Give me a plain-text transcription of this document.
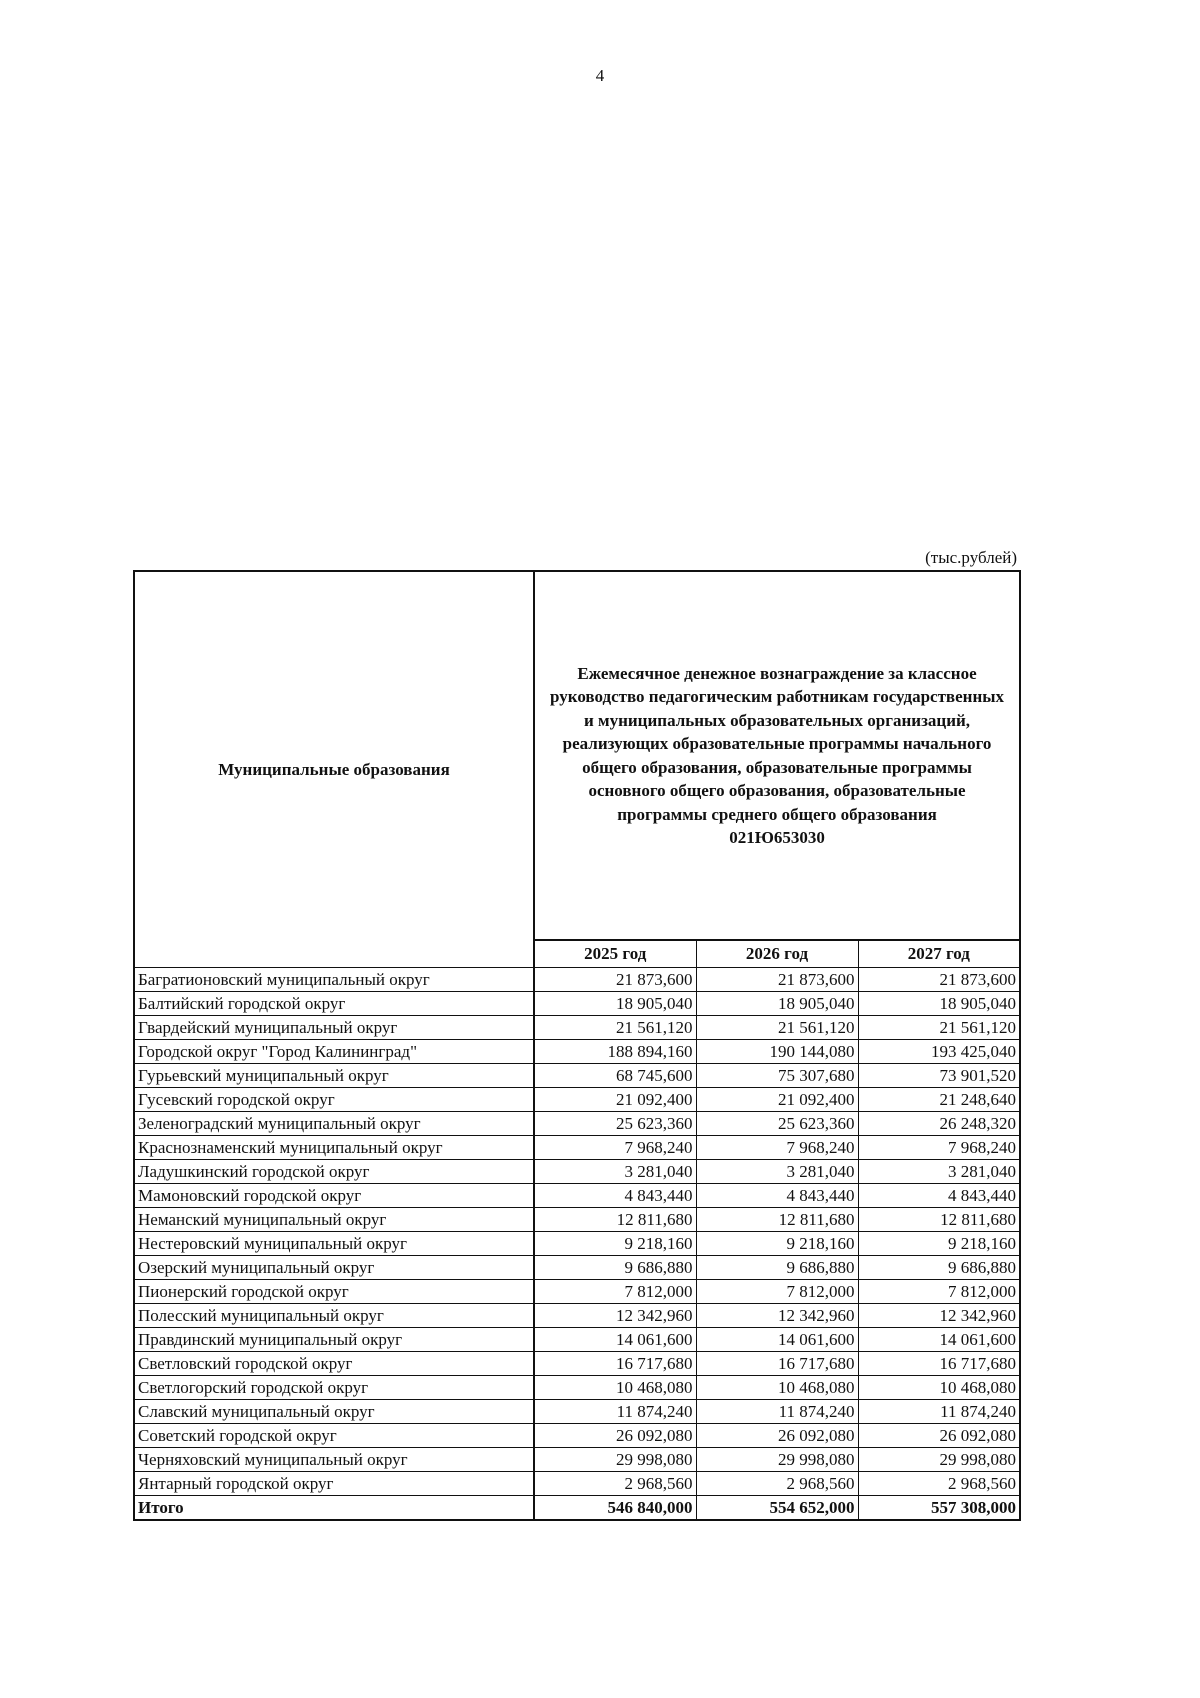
4
(тыс.рублей)
Муниципальные образования	Ежемесячное денежное вознаграждение за классное руководство педагогическим работникам государственных и муниципальных образовательных организаций, реализующих образовательные программы начального общего образования, образовательные программы основного общего образования, образовательные программы среднего общего образования
021Ю653030		

	2025 год	2026 год	2027 год
Багратионовский муниципальный округ	21 873,600	21 873,600	21 873,600
Балтийский городской округ	18 905,040	18 905,040	18 905,040
Гвардейский муниципальный округ	21 561,120	21 561,120	21 561,120
Городской округ "Город Калининград"	188 894,160	190 144,080	193 425,040
Гурьевский муниципальный округ	68 745,600	75 307,680	73 901,520
Гусевский городской округ	21 092,400	21 092,400	21 248,640
Зеленоградский муниципальный округ	25 623,360	25 623,360	26 248,320
Краснознаменский муниципальный округ	7 968,240	7 968,240	7 968,240
Ладушкинский городской округ	3 281,040	3 281,040	3 281,040
Мамоновский городской округ	4 843,440	4 843,440	4 843,440
Неманский муниципальный округ	12 811,680	12 811,680	12 811,680
Нестеровский муниципальный округ	9 218,160	9 218,160	9 218,160
Озерский муниципальный округ	9 686,880	9 686,880	9 686,880
Пионерский городской округ	7 812,000	7 812,000	7 812,000
Полесский муниципальный округ	12 342,960	12 342,960	12 342,960
Правдинский муниципальный округ	14 061,600	14 061,600	14 061,600
Светловский городской округ	16 717,680	16 717,680	16 717,680
Светлогорский городской округ	10 468,080	10 468,080	10 468,080
Славский муниципальный округ	11 874,240	11 874,240	11 874,240
Советский городской округ	26 092,080	26 092,080	26 092,080
Черняховский муниципальный округ	29 998,080	29 998,080	29 998,080
Янтарный городской округ	2 968,560	2 968,560	2 968,560
Итого	546 840,000	554 652,000	557 308,000
